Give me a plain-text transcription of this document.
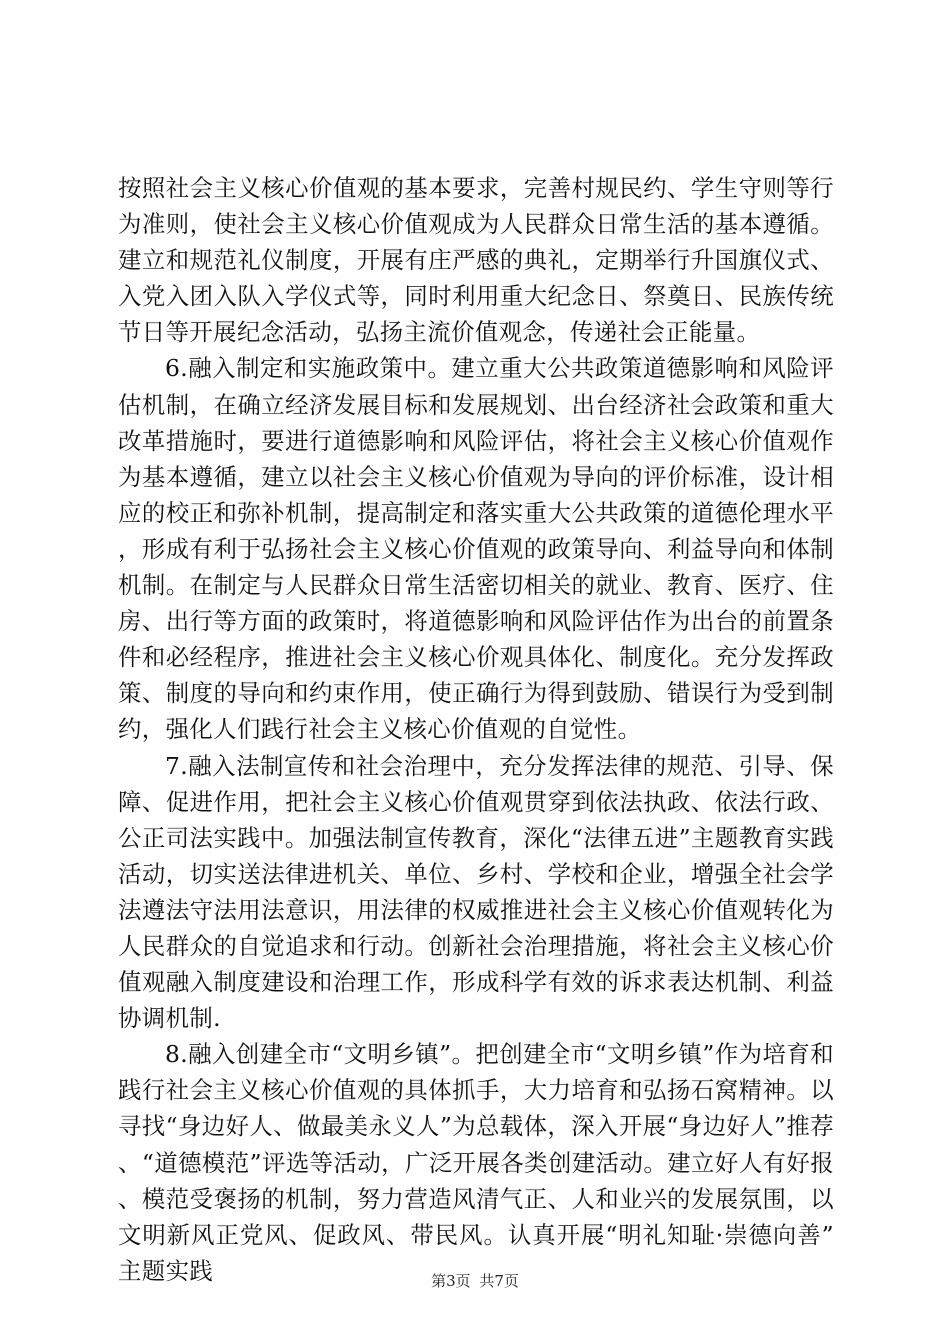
按照社会主义核心价值观的基本要求，完善村规民约、学生守则等行为准则，使社会主义核心价值观成为人民群众日常生活的基本遵循。建立和规范礼仪制度，开展有庄严感的典礼，定期举行升国旗仪式、入党入团入队入学仪式等，同时利用重大纪念日、祭奠日、民族传统节日等开展纪念活动，弘扬主流价值观念，传递社会正能量。

6.融入制定和实施政策中。建立重大公共政策道德影响和风险评估机制，在确立经济发展目标和发展规划、出台经济社会政策和重大改革措施时，要进行道德影响和风险评估，将社会主义核心价值观作为基本遵循，建立以社会主义核心价值观为导向的评价标准，设计相应的校正和弥补机制，提高制定和落实重大公共政策的道德伦理水平，形成有利于弘扬社会主义核心价值观的政策导向、利益导向和体制机制。在制定与人民群众日常生活密切相关的就业、教育、医疗、住房、出行等方面的政策时，将道德影响和风险评估作为出台的前置条件和必经程序，推进社会主义核心价观具体化、制度化。充分发挥政策、制度的导向和约束作用，使正确行为得到鼓励、错误行为受到制约，强化人们践行社会主义核心价值观的自觉性。

7.融入法制宣传和社会治理中，充分发挥法律的规范、引导、保障、促进作用，把社会主义核心价值观贯穿到依法执政、依法行政、公正司法实践中。加强法制宣传教育，深化“法律五进”主题教育实践活动，切实送法律进机关、单位、乡村、学校和企业，增强全社会学法遵法守法用法意识，用法律的权威推进社会主义核心价值观转化为人民群众的自觉追求和行动。创新社会治理措施，将社会主义核心价值观融入制度建设和治理工作，形成科学有效的诉求表达机制、利益协调机制.

8.融入创建全市“文明乡镇”。把创建全市“文明乡镇”作为培育和践行社会主义核心价值观的具体抓手，大力培育和弘扬石窝精神。以寻找“身边好人、做最美永义人”为总载体，深入开展“身边好人”推荐、“道德模范”评选等活动，广泛开展各类创建活动。建立好人有好报、模范受褒扬的机制，努力营造风清气正、人和业兴的发展氛围，以文明新风正党风、促政风、带民风。认真开展“明礼知耻·崇德向善”主题实践	第3页 共7页
